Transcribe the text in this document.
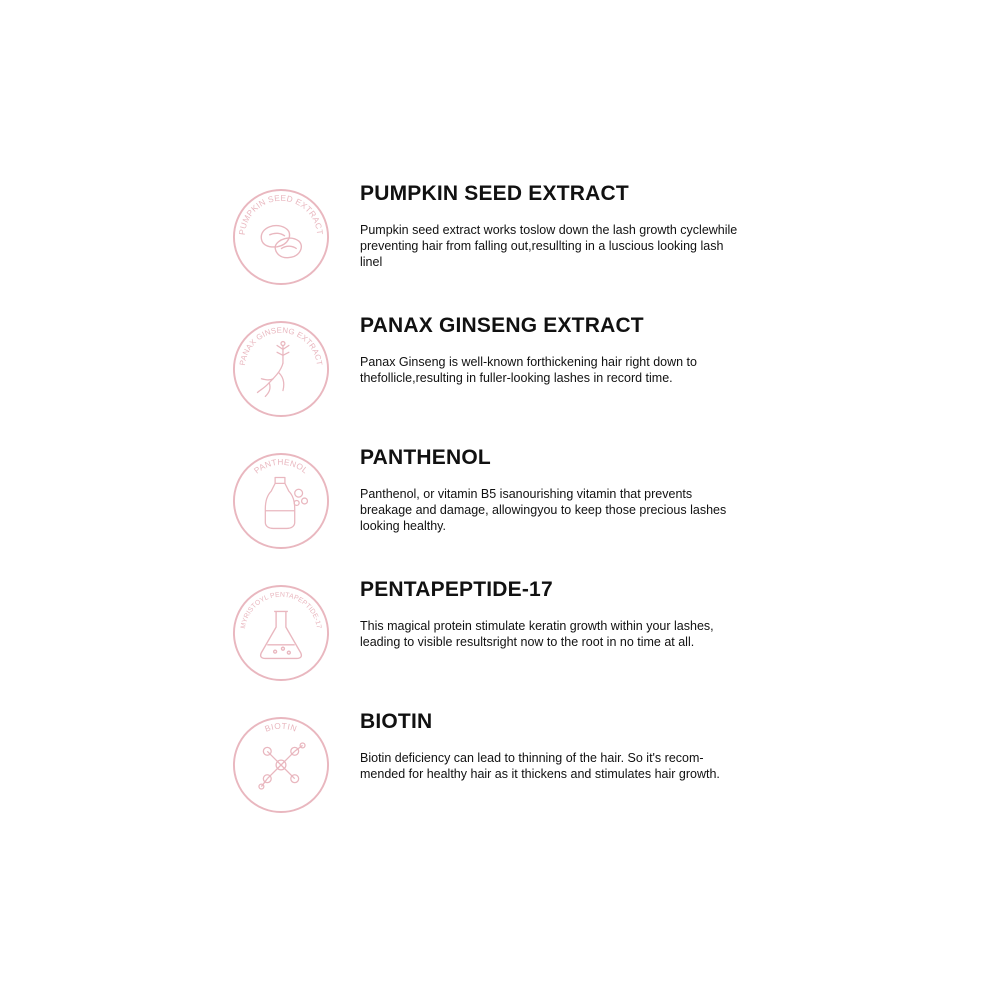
PUMPKIN SEED EXTRACT
PUMPKIN SEED EXTRACT

Pumpkin seed extract works toslow down the lash growth cyclewhile preventing hair from falling out,resullting in a luscious looking lash linel

PANAX GINSENG EXTRACT
PANAX GINSENG EXTRACT

Panax Ginseng is well-known forthickening hair right down to thefollicle,resulting in fuller-looking lashes in record time.

PANTHENOL
PANTHENOL

Panthenol, or vitamin B5 isanourishing vitamin that prevents breakage and damage, allowingyou to keep those precious lashes looking healthy.

MYRISTOYL PENTAPEPTIDE-17
PENTAPEPTIDE-17

This magical protein stimulate keratin growth within your lashes, leading to visible resultsright now to the root in no time at all.

BIOTIN	BIOTIN

Biotin deficiency can lead to thinning of the hair. So it's recom-mended for healthy hair as it thickens and stimulates hair growth.
